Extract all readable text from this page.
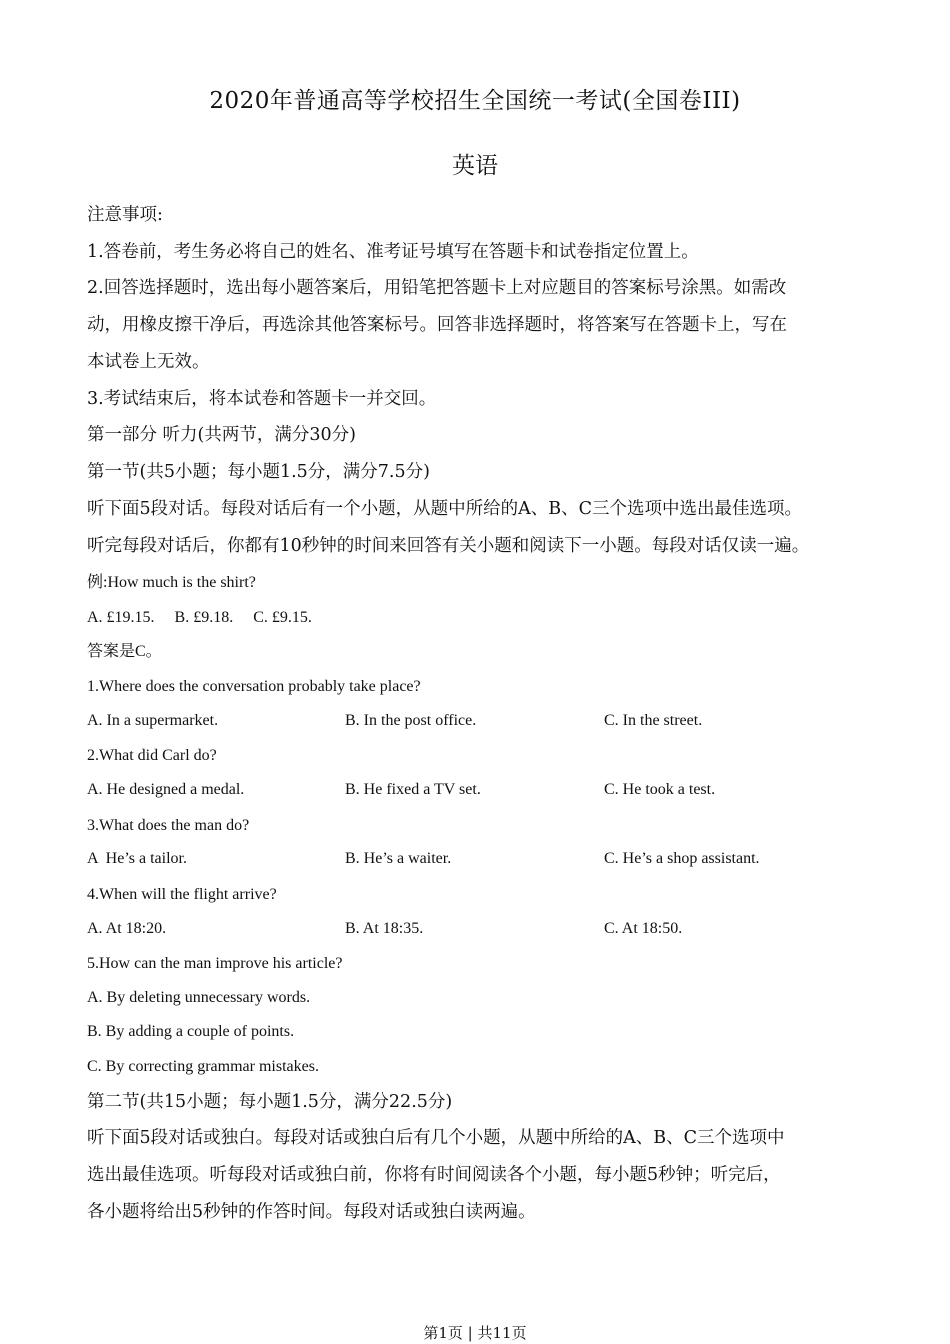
2020年普通高等学校招生全国统一考试(全国卷III)
英语
注意事项:
1.答卷前，考生务必将自己的姓名、准考证号填写在答题卡和试卷指定位置上。
2.回答选择题时，选出每小题答案后，用铅笔把答题卡上对应题目的答案标号涂黑。如需改
动，用橡皮擦干净后，再选涂其他答案标号。回答非选择题时，将答案写在答题卡上，写在
本试卷上无效。
3.考试结束后，将本试卷和答题卡一并交回。
第一部分 听力(共两节，满分30分)
第一节(共5小题；每小题1.5分，满分7.5分)
听下面5段对话。每段对话后有一个小题，从题中所给的A、B、C三个选项中选出最佳选项。
听完每段对话后，你都有10秒钟的时间来回答有关小题和阅读下一小题。每段对话仅读一遍。
例:How much is the shirt?
A. £19.15.     B. £9.18.     C. £9.15.
答案是C。
1.Where does the conversation probably take place?
A. In a supermarket.	B. In the post office.	C. In the street.
2.What did Carl do?
A. He designed a medal.	B. He fixed a TV set.	C. He took a test.
3.What does the man do?
A  He’s a tailor.	B. He’s a waiter.	C. He’s a shop assistant.
4.When will the flight arrive?
A. At 18:20.	B. At 18:35.	C. At 18:50.
5.How can the man improve his article?
A. By deleting unnecessary words.
B. By adding a couple of points.
C. By correcting grammar mistakes.
第二节(共15小题；每小题1.5分，满分22.5分)
听下面5段对话或独白。每段对话或独白后有几个小题，从题中所给的A、B、C三个选项中
选出最佳选项。听每段对话或独白前，你将有时间阅读各个小题，每小题5秒钟；听完后，
各小题将给出5秒钟的作答时间。每段对话或独白读两遍。
第1页 | 共11页
